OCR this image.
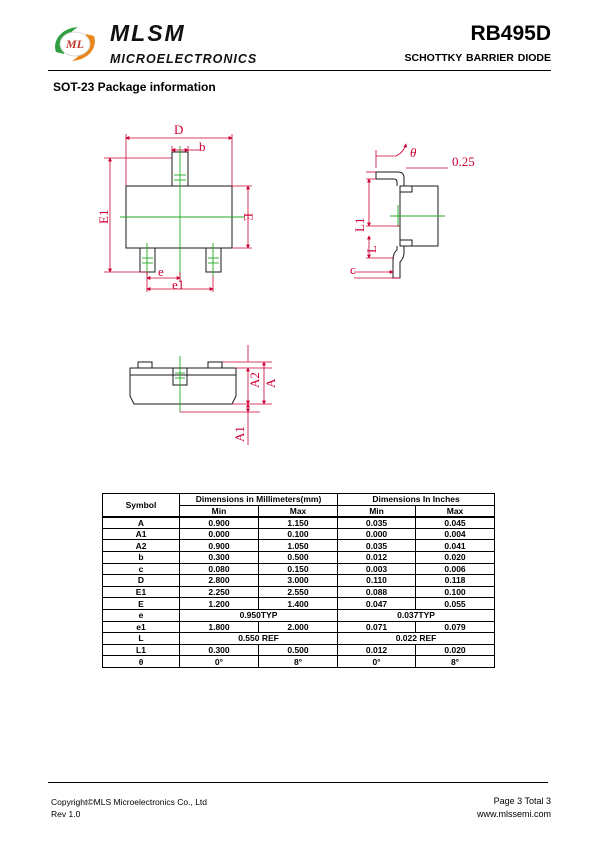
ML MLSM
MICROELECTRONICS
RB495D
SCHOTTKY BARRIER DIODE
SOT-23 Package information
D
b
E1	E
e
e1
θ
0.25
L1
L
c
A2 A
A1
Symbol	Dimensions in Millimeters(mm)		Dimensions In Inches	
	Min	Max	Min	Max
A	0.900	1.150	0.035	0.045
A1	0.000	0.100	0.000	0.004
A2	0.900	1.050	0.035	0.041
b	0.300	0.500	0.012	0.020
c	0.080	0.150	0.003	0.006
D	2.800	3.000	0.110	0.118
E1	2.250	2.550	0.088	0.100
E	1.200	1.400	0.047	0.055
e	0.950TYP		0.037TYP	
e1	1.800	2.000	0.071	0.079
L	0.550 REF		0.022 REF	
L1	0.300	0.500	0.012	0.020
θ	0°	8°	0°	8°
Copyright©MLS Microelectronics Co., Ltd
Rev 1.0
Page 3 Total 3
www.mlssemi.com
